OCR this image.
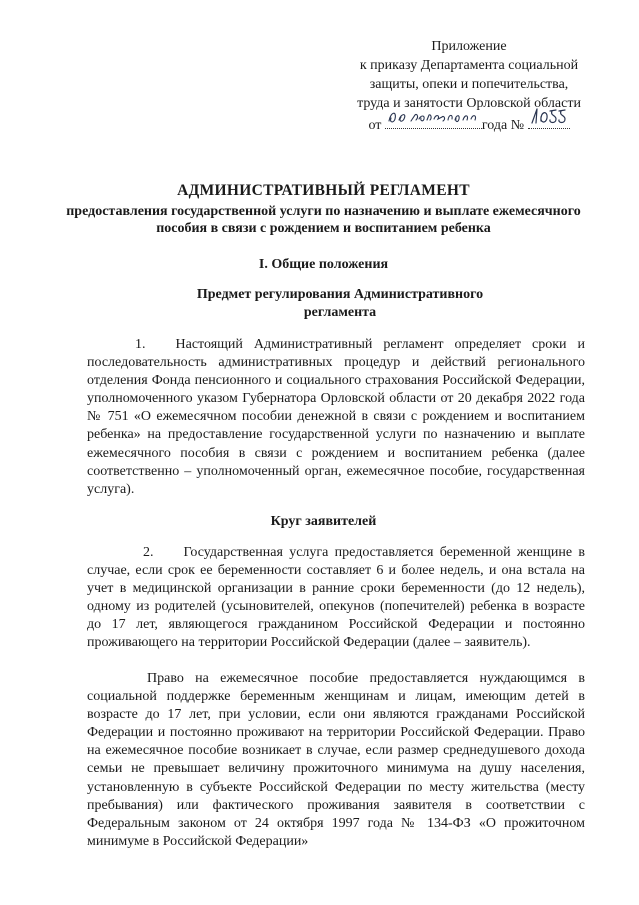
Приложение
к приказу Департамента социальной
защиты, опеки и попечительства,
труда и занятости Орловской области
от	года №
АДМИНИСТРАТИВНЫЙ РЕГЛАМЕНТ
предоставления государственной услуги по назначению и выплате ежемесячного пособия в связи с рождением и воспитанием ребенка
I. Общие положения
Предмет регулирования Административного регламента
1. Настоящий Административный регламент определяет сроки и последовательность административных процедур и действий регионального отделения Фонда пенсионного и социального страхования Российской Федерации, уполномоченного указом Губернатора Орловской области от 20 декабря 2022 года № 751 «О ежемесячном пособии денежной в связи с рождением и воспитанием ребенка» на предоставление государственной услуги по назначению и выплате ежемесячного пособия в связи с рождением и воспитанием ребенка (далее соответственно – уполномоченный орган, ежемесячное пособие, государственная услуга).
Круг заявителей
2. Государственная услуга предоставляется беременной женщине в случае, если срок ее беременности составляет 6 и более недель, и она встала на учет в медицинской организации в ранние сроки беременности (до 12 недель), одному из родителей (усыновителей, опекунов (попечителей) ребенка в возрасте до 17 лет, являющегося гражданином Российской Федерации и постоянно проживающего на территории Российской Федерации (далее – заявитель).
Право на ежемесячное пособие предоставляется нуждающимся в социальной поддержке беременным женщинам и лицам, имеющим детей в возрасте до 17 лет, при условии, если они являются гражданами Российской Федерации и постоянно проживают на территории Российской Федерации. Право на ежемесячное пособие возникает в случае, если размер среднедушевого дохода семьи не превышает величину прожиточного минимума на душу населения, установленную в субъекте Российской Федерации по месту жительства (месту пребывания) или фактического проживания заявителя в соответствии с Федеральным законом от 24 октября 1997 года № 134-ФЗ «О прожиточном минимуме в Российской Федерации»
